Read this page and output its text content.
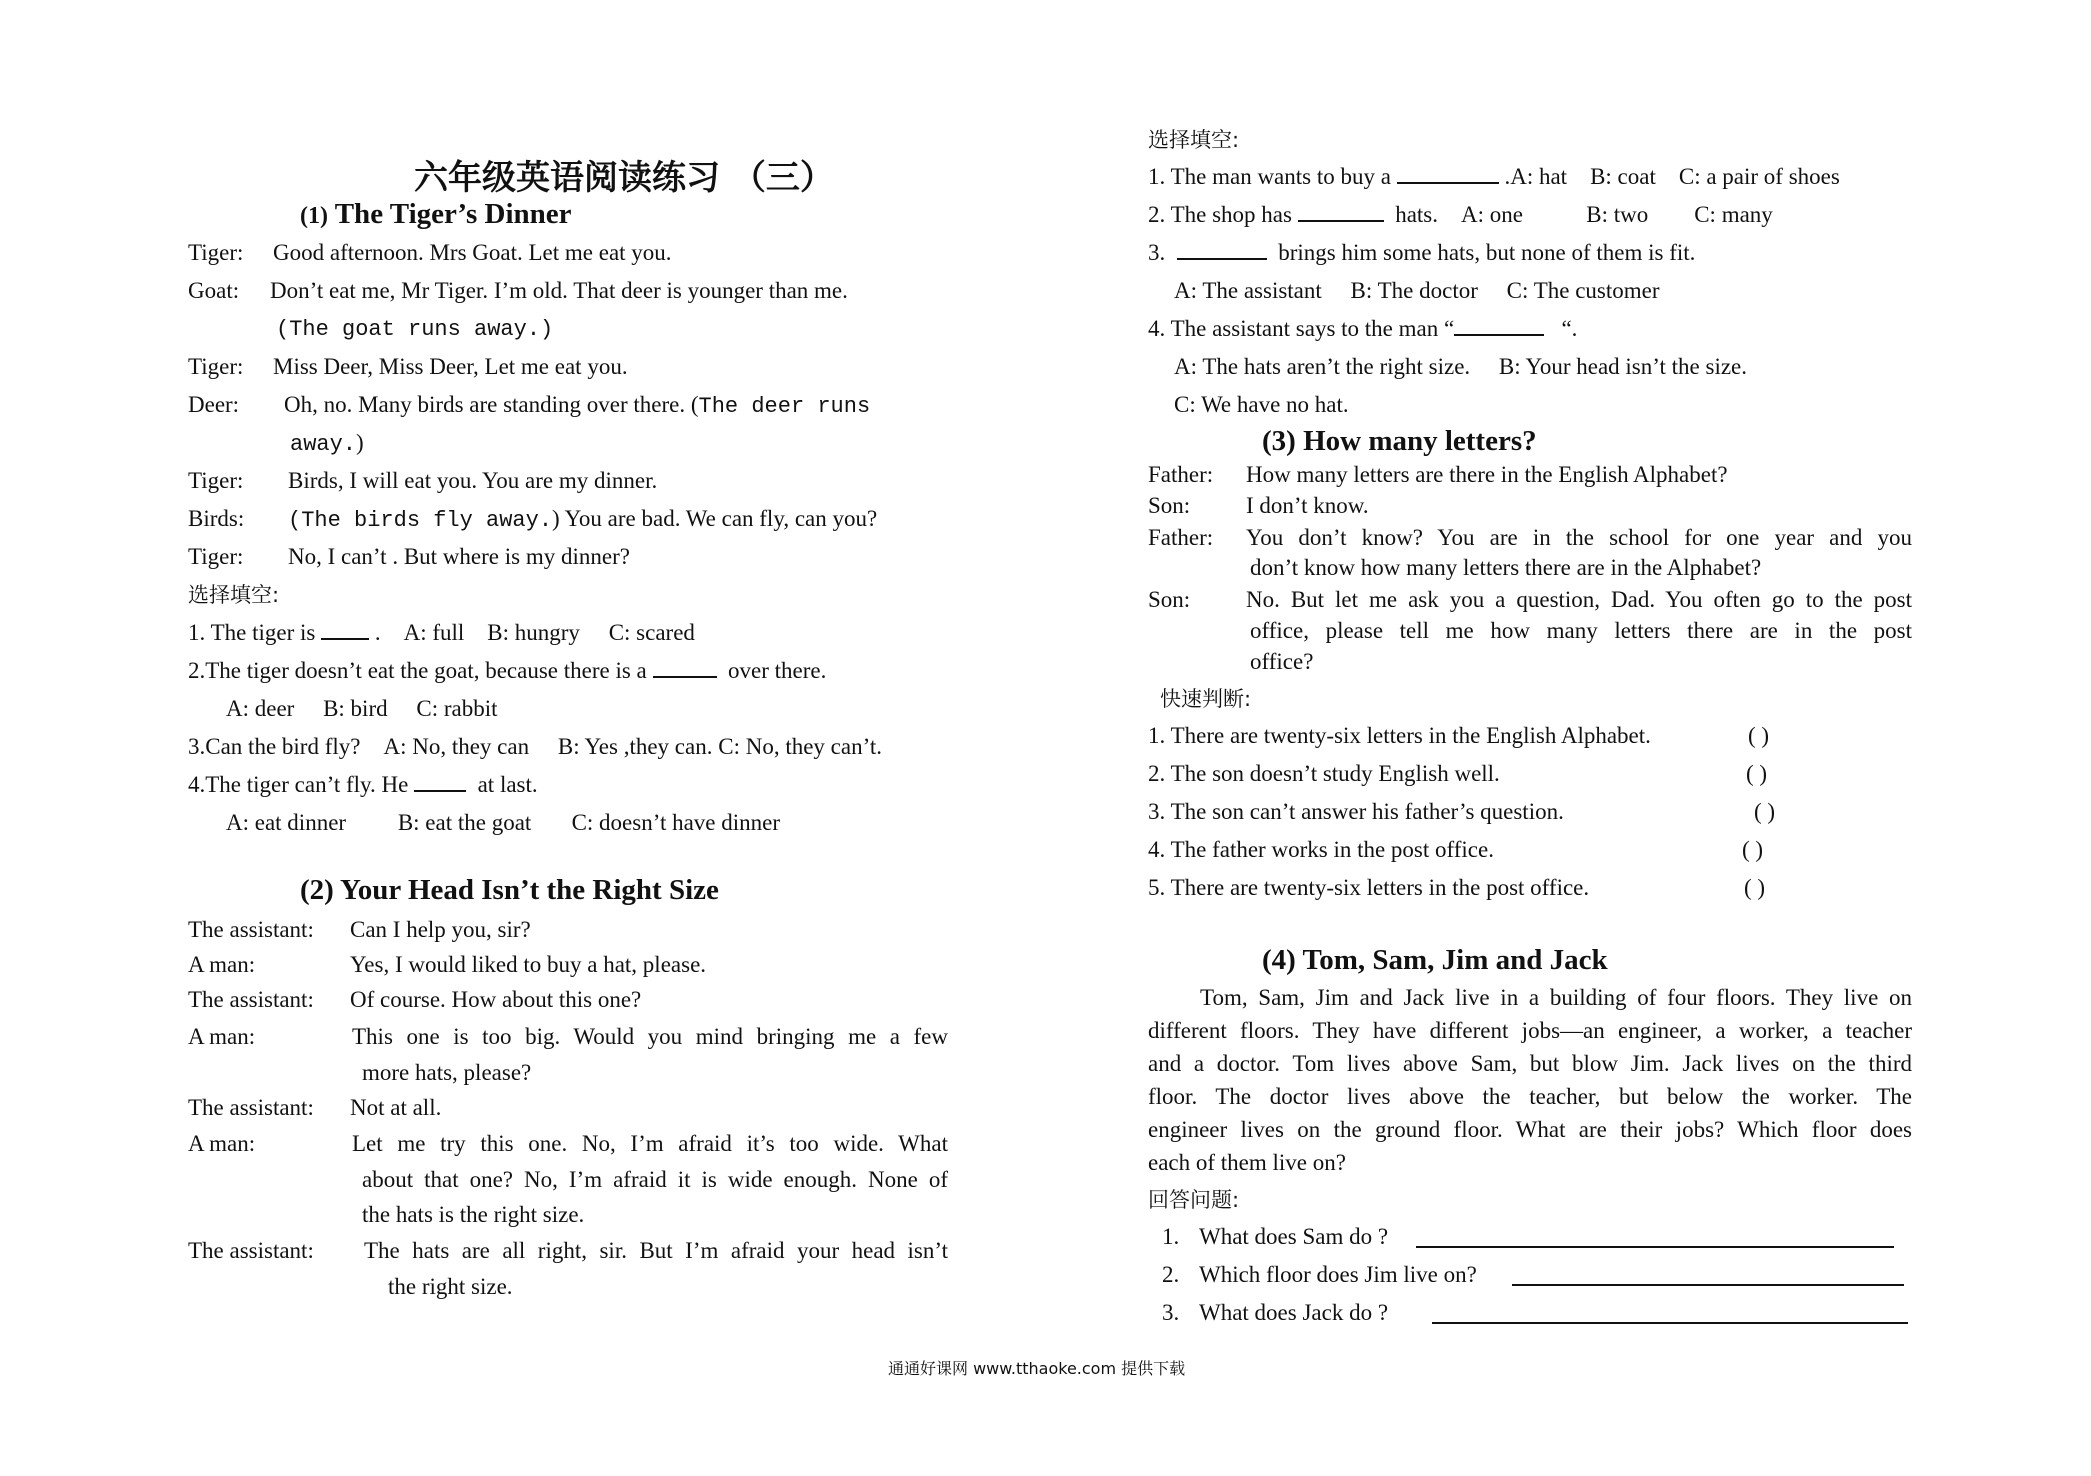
六年级英语阅读练习 （三）
(1) The Tiger’s Dinner
Tiger: Good afternoon. Mrs Goat. Let me eat you.
Goat: Don’t eat me, Mr Tiger. I’m old. That deer is younger than me.
(The goat runs away.)
Tiger: Miss Deer, Miss Deer, Let me eat you.
Deer: Oh, no. Many birds are standing over there. (The deer runs
away.)
Tiger: Birds, I will eat you. You are my dinner.
Birds: (The birds fly away.) You are bad. We can fly, can you?
Tiger: No, I can’t . But where is my dinner?
选择填空:
1. The tiger is	. A: full B: hungry C: scared
2.The tiger doesn’t eat the goat, because there is a	over there.
A: deer B: bird C: rabbit
3.Can the bird fly? A: No, they can B: Yes ,they can. C: No, they can’t.
4.The tiger can’t fly. He	at last.
A: eat dinner B: eat the goat C: doesn’t have dinner
(2) Your Head Isn’t the Right Size
The assistant: Can I help you, sir?
A man:	Yes, I would liked to buy a hat, please.
The assistant: Of course. How about this one?
A man:	This one is too big. Would you mind bringing me a few
more hats, please?
The assistant: Not at all.
A man:	Let me try this one. No, I’m afraid it’s too wide. What
about that one? No, I’m afraid it is wide enough. None of
the hats is the right size.
The assistant: The hats are all right, sir. But I’m afraid your head isn’t
the right size.
选择填空:
1. The man wants to buy a	.A: hat B: coat C: a pair of shoes
2. The shop has	hats. A: one	B: two C: many
3.	brings him some hats, but none of them is fit.
A: The assistant B: The doctor C: The customer
4. The assistant says to the man “	“.
A: The hats aren’t the right size. B: Your head isn’t the size.
C: We have no hat.
(3) How many letters?
Father: How many letters are there in the English Alphabet?
Son: I don’t know.
Father: You don’t know? You are in the school for one year and you
don’t know how many letters there are in the Alphabet?
Son: No. But let me ask you a question, Dad. You often go to the post
office, please tell me how many letters there are in the post
office?
快速判断:
1. There are twenty-six letters in the English Alphabet.	( )
2. The son doesn’t study English well.	( )
3. The son can’t answer his father’s question.	( )
4. The father works in the post office.	( )
5. There are twenty-six letters in the post office.	( )
(4) Tom, Sam, Jim and Jack
Tom, Sam, Jim and Jack live in a building of four floors. They live on
different floors. They have different jobs—an engineer, a worker, a teacher
and a doctor. Tom lives above Sam, but blow Jim. Jack lives on the third
floor. The doctor lives above the teacher, but below the worker. The
engineer lives on the ground floor. What are their jobs? Which floor does
each of them live on?
回答问题:
1. What does Sam do ?
2. Which floor does Jim live on?
3. What does Jack do ?
通通好课网 www.tthaoke.com 提供下载
